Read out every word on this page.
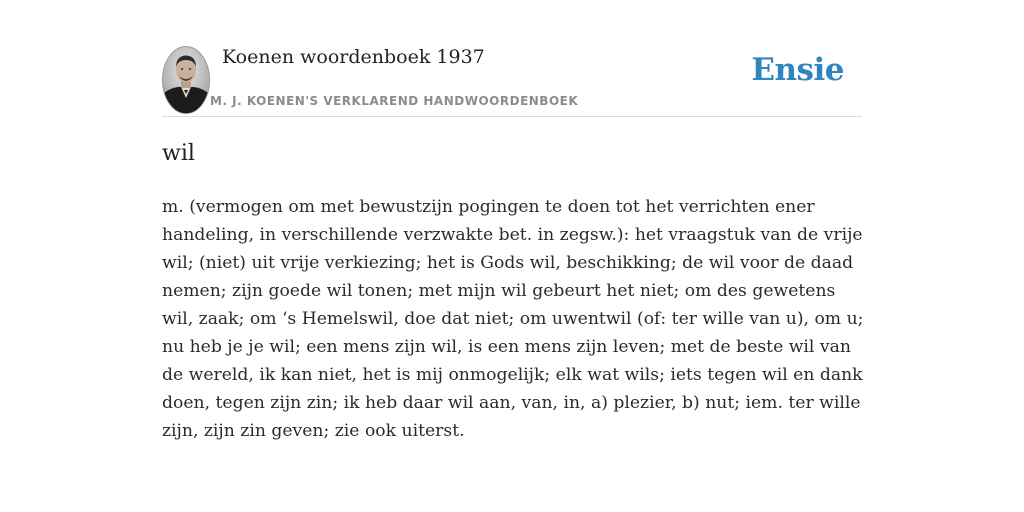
Koenen woordenboek 1937
M. J. KOENEN'S VERKLAREND HANDWOORDENBOEK
Ensie
wil

m. (vermogen om met bewustzijn pogingen te doen tot het verrichten ener handeling, in verschillende verzwakte bet. in zegsw.): het vraagstuk van de vrije wil; (niet) uit vrije verkiezing; het is Gods wil, beschikking; de wil voor de daad nemen; zijn goede wil tonen; met mijn wil gebeurt het niet; om des gewetens wil, zaak; om ‘s Hemelswil, doe dat niet; om uwentwil (of: ter wille van u), om u; nu heb je je wil; een mens zijn wil, is een mens zijn leven; met de beste wil van de wereld, ik kan niet, het is mij onmogelijk; elk wat wils; iets tegen wil en dank doen, tegen zijn zin; ik heb daar wil aan, van, in, a) plezier, b) nut; iem. ter wille zijn, zijn zin geven; zie ook uiterst.
